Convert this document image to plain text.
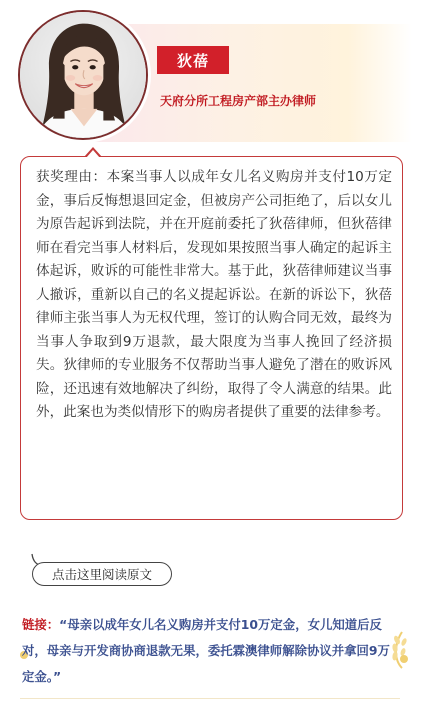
狄蓓
天府分所工程房产部主办律师

获奖理由：本案当事人以成年女儿名义购房并支付10万定金，事后反悔想退回定金，但被房产公司拒绝了，后以女儿为原告起诉到法院，并在开庭前委托了狄蓓律师，但狄蓓律师在看完当事人材料后，发现如果按照当事人确定的起诉主体起诉，败诉的可能性非常大。基于此，狄蓓律师建议当事人撤诉，重新以自己的名义提起诉讼。在新的诉讼下，狄蓓律师主张当事人为无权代理，签订的认购合同无效，最终为当事人争取到9万退款，最大限度为当事人挽回了经济损失。狄律师的专业服务不仅帮助当事人避免了潜在的败诉风险，还迅速有效地解决了纠纷，取得了令人满意的结果。此外，此案也为类似情形下的购房者提供了重要的法律参考。

点击这里阅读原文
链接：“母亲以成年女儿名义购房并支付10万定金，女儿知道后反对，母亲与开发商协商退款无果，委托霖澳律师解除协议并拿回9万定金。”
